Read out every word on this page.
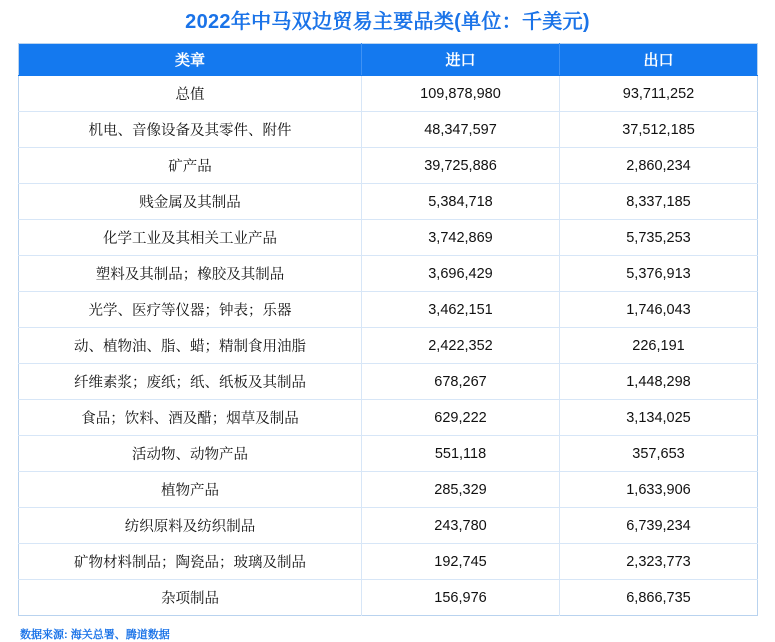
2022年中马双边贸易主要品类(单位：千美元)
类章	进口	出口
总值	109,878,980	93,711,252
机电、音像设备及其零件、附件	48,347,597	37,512,185
矿产品	39,725,886	2,860,234
贱金属及其制品	5,384,718	8,337,185
化学工业及其相关工业产品	3,742,869	5,735,253
塑料及其制品；橡胶及其制品	3,696,429	5,376,913
光学、医疗等仪器；钟表；乐器	3,462,151	1,746,043
动、植物油、脂、蜡；精制食用油脂	2,422,352	226,191
纤维素浆；废纸；纸、纸板及其制品	678,267	1,448,298
食品；饮料、酒及醋；烟草及制品	629,222	3,134,025
活动物、动物产品	551,118	357,653
植物产品	285,329	1,633,906
纺织原料及纺织制品	243,780	6,739,234
矿物材料制品；陶瓷品；玻璃及制品	192,745	2,323,773
杂项制品	156,976	6,866,735
数据来源: 海关总署、腾道数据
